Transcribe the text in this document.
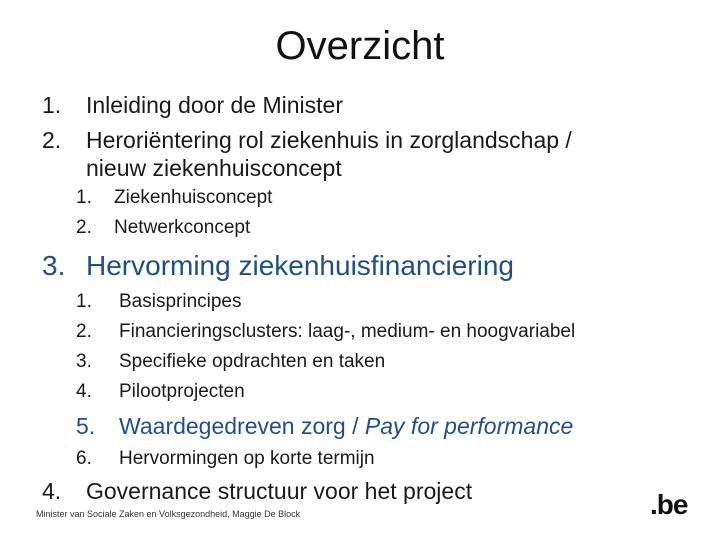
Overzicht
1. Inleiding door de Minister
2. Heroriëntering rol ziekenhuis in zorglandschap /
nieuw ziekenhuisconcept
1. Ziekenhuisconcept
2. Netwerkconcept
3. Hervorming ziekenhuisfinanciering
1. Basisprincipes
2. Financieringsclusters: laag-, medium- en hoogvariabel
3. Specifieke opdrachten en taken
4. Pilootprojecten
5. Waardegedreven zorg / Pay for performance
6. Hervormingen op korte termijn
4. Governance structuur voor het project
Minister van Sociale Zaken en Volksgezondheid, Maggie De Block	.be
